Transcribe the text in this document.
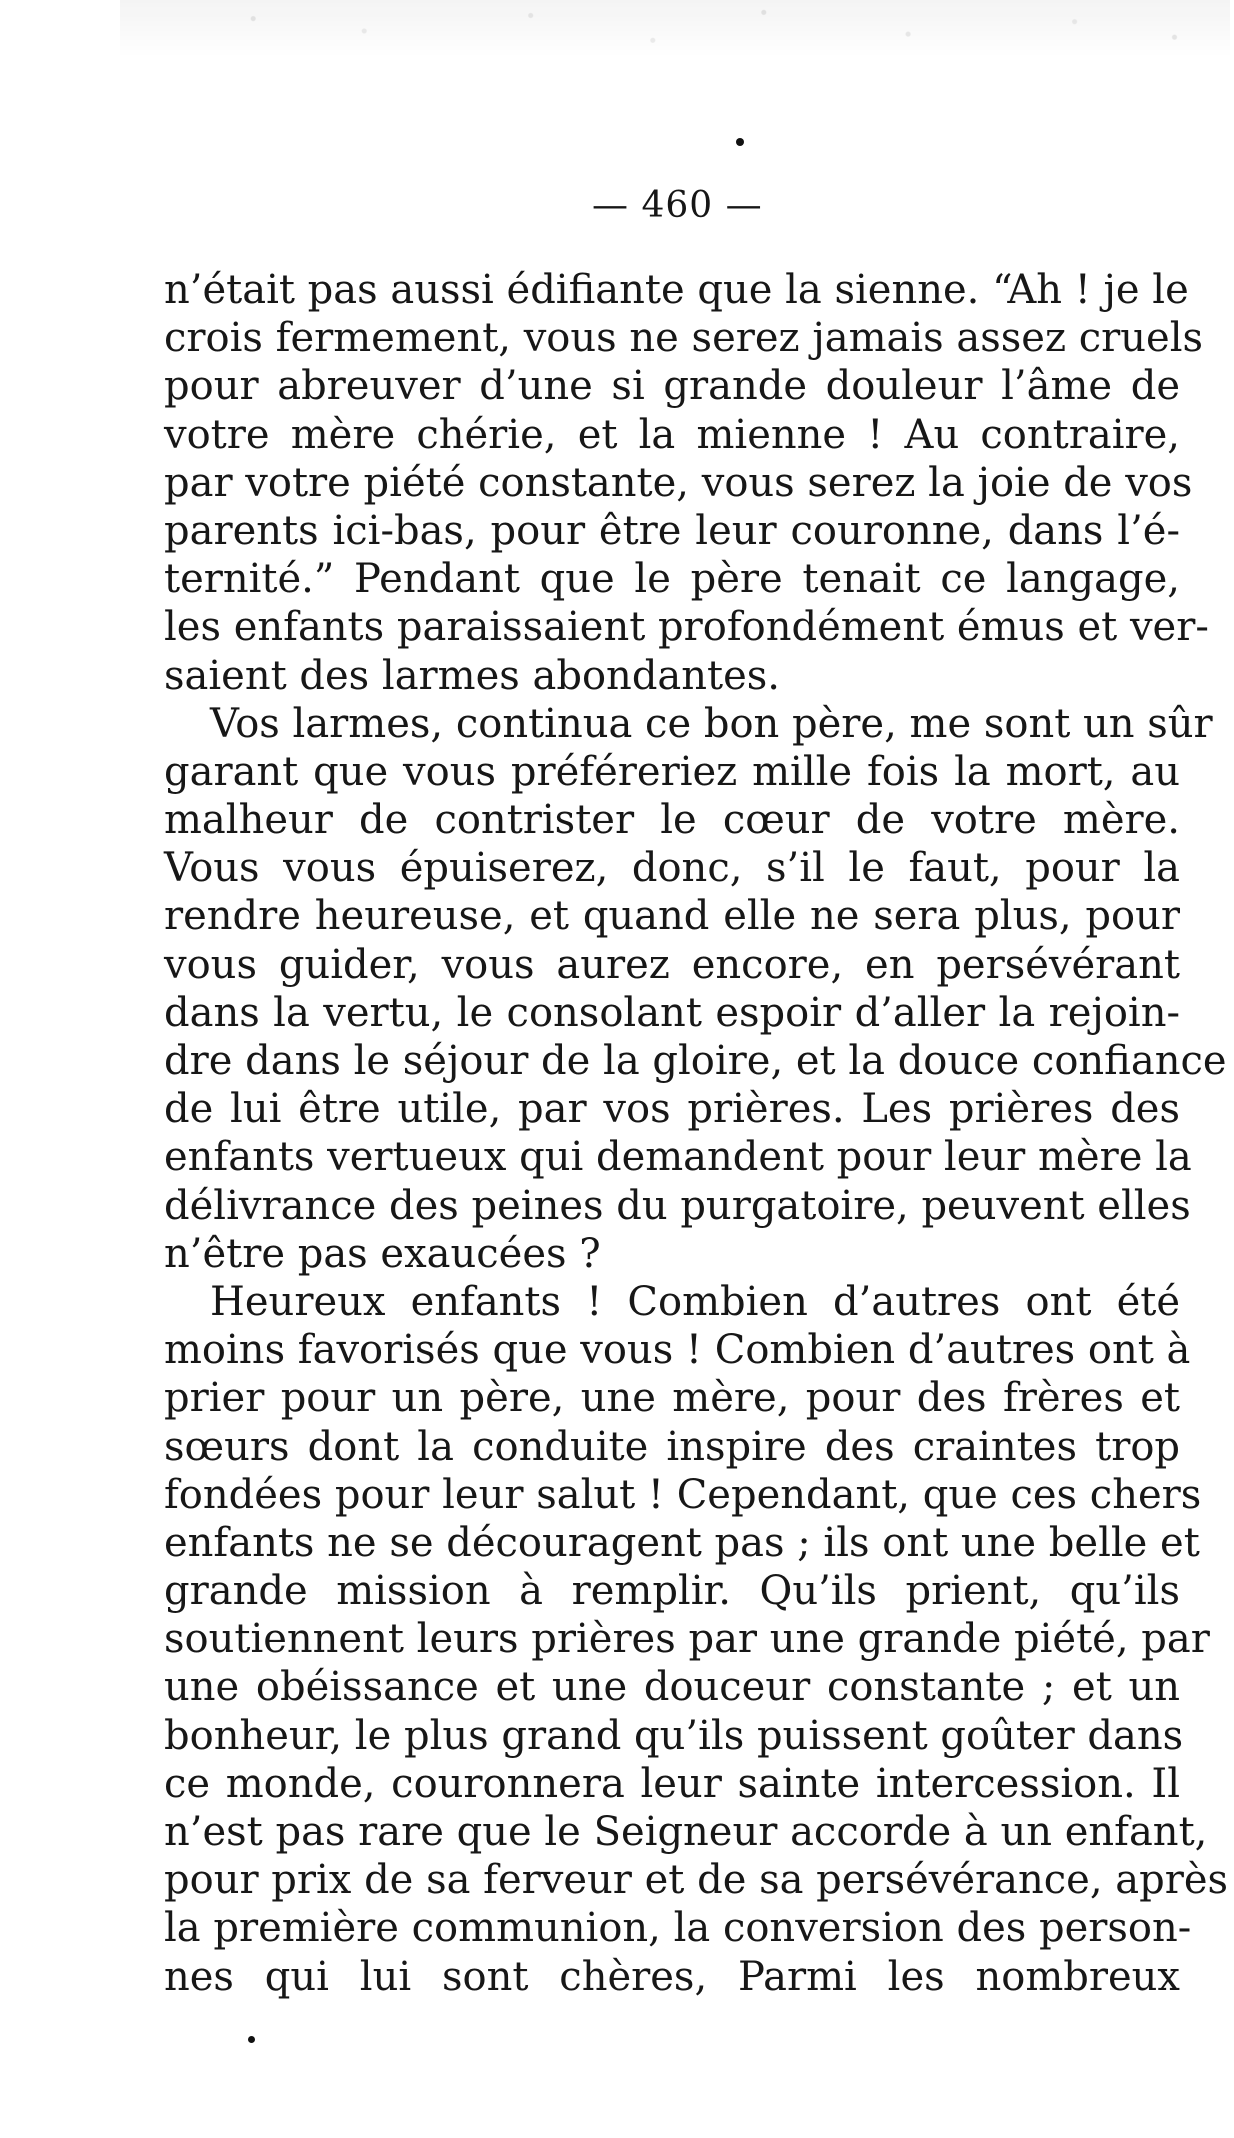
— 460 —
n’était pas aussi édifiante que la sienne. “Ah ! je le
crois fermement, vous ne serez jamais assez cruels
pour abreuver d’une si grande douleur l’âme de
votre mère chérie, et la mienne ! Au contraire,
par votre piété constante, vous serez la joie de vos
parents ici-bas, pour être leur couronne, dans l’é-
ternité.” Pendant que le père tenait ce langage,
les enfants paraissaient profondément émus et ver-
saient des larmes abondantes.
Vos larmes, continua ce bon père, me sont un sûr
garant que vous préféreriez mille fois la mort, au
malheur de contrister le cœur de votre mère.
Vous vous épuiserez, donc, s’il le faut, pour la
rendre heureuse, et quand elle ne sera plus, pour
vous guider, vous aurez encore, en persévérant
dans la vertu, le consolant espoir d’aller la rejoin-
dre dans le séjour de la gloire, et la douce confiance
de lui être utile, par vos prières. Les prières des
enfants vertueux qui demandent pour leur mère la
délivrance des peines du purgatoire, peuvent elles
n’être pas exaucées ?
Heureux enfants ! Combien d’autres ont été
moins favorisés que vous ! Combien d’autres ont à
prier pour un père, une mère, pour des frères et
sœurs dont la conduite inspire des craintes trop
fondées pour leur salut ! Cependant, que ces chers
enfants ne se découragent pas ; ils ont une belle et
grande mission à remplir. Qu’ils prient, qu’ils
soutiennent leurs prières par une grande piété, par
une obéissance et une douceur constante ; et un
bonheur, le plus grand qu’ils puissent goûter dans
ce monde, couronnera leur sainte intercession. Il
n’est pas rare que le Seigneur accorde à un enfant,
pour prix de sa ferveur et de sa persévérance, après
la première communion, la conversion des person-
nes qui lui sont chères, Parmi les nombreux
